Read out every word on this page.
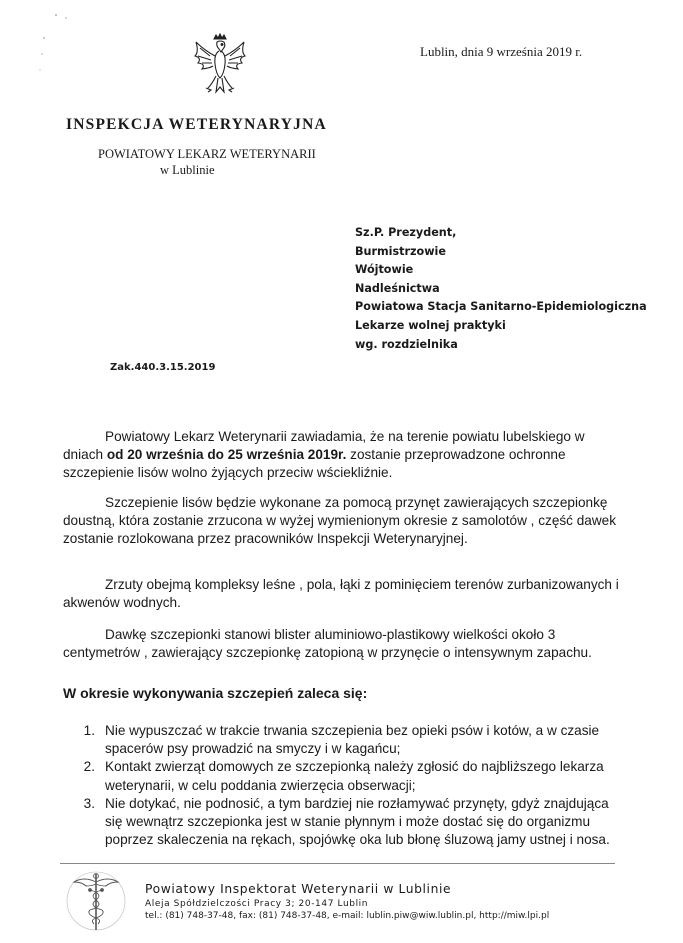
Lublin, dnia 9 września 2019 r.
INSPEKCJA WETERYNARYJNA
POWIATOWY LEKARZ WETERYNARII
w Lublinie
Sz.P. Prezydent,
Burmistrzowie
Wójtowie
Nadleśnictwa
Powiatowa Stacja Sanitarno-Epidemiologiczna
Lekarze wolnej praktyki
wg. rozdzielnika
Zak.440.3.15.2019
Powiatowy Lekarz Weterynarii zawiadamia, że na terenie powiatu lubelskiego w dniach od 20 września do 25 września 2019r. zostanie przeprowadzone ochronne szczepienie lisów wolno żyjących przeciw wściekliźnie.
Szczepienie lisów będzie wykonane za pomocą przynęt zawierających szczepionkę doustną, która zostanie zrzucona w wyżej wymienionym okresie z samolotów , część dawek zostanie rozlokowana przez pracowników Inspekcji Weterynaryjnej.
Zrzuty obejmą kompleksy leśne , pola, łąki z pominięciem terenów zurbanizowanych i akwenów wodnych.
Dawkę szczepionki stanowi blister aluminiowo-plastikowy wielkości około 3 centymetrów , zawierający szczepionkę zatopioną w przynęcie o intensywnym zapachu.
W okresie wykonywania szczepień zaleca się:
1. Nie wypuszczać w trakcie trwania szczepienia bez opieki psów i kotów, a w czasie spacerów psy prowadzić na smyczy i w kagańcu;
2. Kontakt zwierząt domowych ze szczepionką należy zgłosić do najbliższego lekarza weterynarii, w celu poddania zwierzęcia obserwacji;
3. Nie dotykać, nie podnosić, a tym bardziej nie rozłamywać przynęty, gdyż znajdująca się wewnątrz szczepionka jest w stanie płynnym i może dostać się do organizmu poprzez skaleczenia na rękach, spojówkę oka lub błonę śluzową jamy ustnej i nosa.
Powiatowy Inspektorat Weterynarii w Lublinie
Aleja Spółdzielczości Pracy 3; 20-147 Lublin
tel.: (81) 748-37-48, fax: (81) 748-37-48, e-mail: lublin.piw@wiw.lublin.pl, http://miw.lpi.pl
